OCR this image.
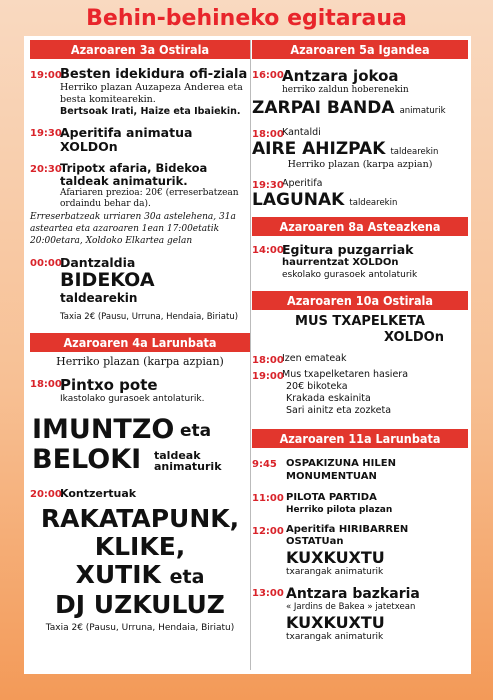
Behin-behineko egitaraua
Azaroaren 3a Ostirala
19:00
Besten idekidura ofi-ziala
Herriko plazan Auzapeza Anderea eta besta komitearekin.
Bertsoak Irati, Haize eta Ibaiekin.
19:30
Aperitifa animatua
XOLDOn
20:30
Tripotx afaria, Bidekoa taldeak animaturik.
Afariaren prezioa: 20€ (erreserbatzean ordaindu behar da).
Erreserbatzeak urriaren 30a astelehena, 31a asteartea eta azaroaren 1ean 17:00etatik 20:00etara, Xoldoko Elkartea gelan
00:00
Dantzaldia
BIDEKOA
taldearekin
Taxia 2€ (Pausu, Urruna, Hendaia, Biriatu)
Azaroaren 4a Larunbata
Herriko plazan (karpa azpian)
18:00
Pintxo pote
Ikastolako gurasoek antolaturik.
IMUNTZO eta
BELOKI taldeak
animaturik
20:00
Kontzertuak
RAKATAPUNK,
KLIKE,
XUTIK eta
DJ UZKULUZ
Taxia 2€ (Pausu, Urruna, Hendaia, Biriatu)
Azaroaren 5a Igandea
16:00
Antzara jokoa
herriko zaldun hoberenekin
ZARPAI BANDA animaturik
18:00
Kantaldi
AIRE AHIZPAK taldearekin
Herriko plazan (karpa azpian)
19:30
Aperitifa
LAGUNAK taldearekin
Azaroaren 8a Asteazkena
14:00
Egitura puzgarriak
haurrentzat XOLDOn
eskolako gurasoek antolaturik
Azaroaren 10a Ostirala
MUS TXAPELKETA
XOLDOn
18:00
Izen emateak
19:00
Mus txapelketaren hasiera
20€ bikoteka
Krakada eskainita
Sari ainitz eta zozketa
Azaroaren 11a Larunbata
9:45 OSPAKIZUNA HILEN MONUMENTUAN
11:00 PILOTA PARTIDA
Herriko pilota plazan
12:00 Aperitifa HIRIBARREN OSTATUan
KUXKUXTU
txarangak animaturik
13:00 Antzara bazkaria
« Jardins de Bakea » jatetxean
KUXKUXTU
txarangak animaturik
